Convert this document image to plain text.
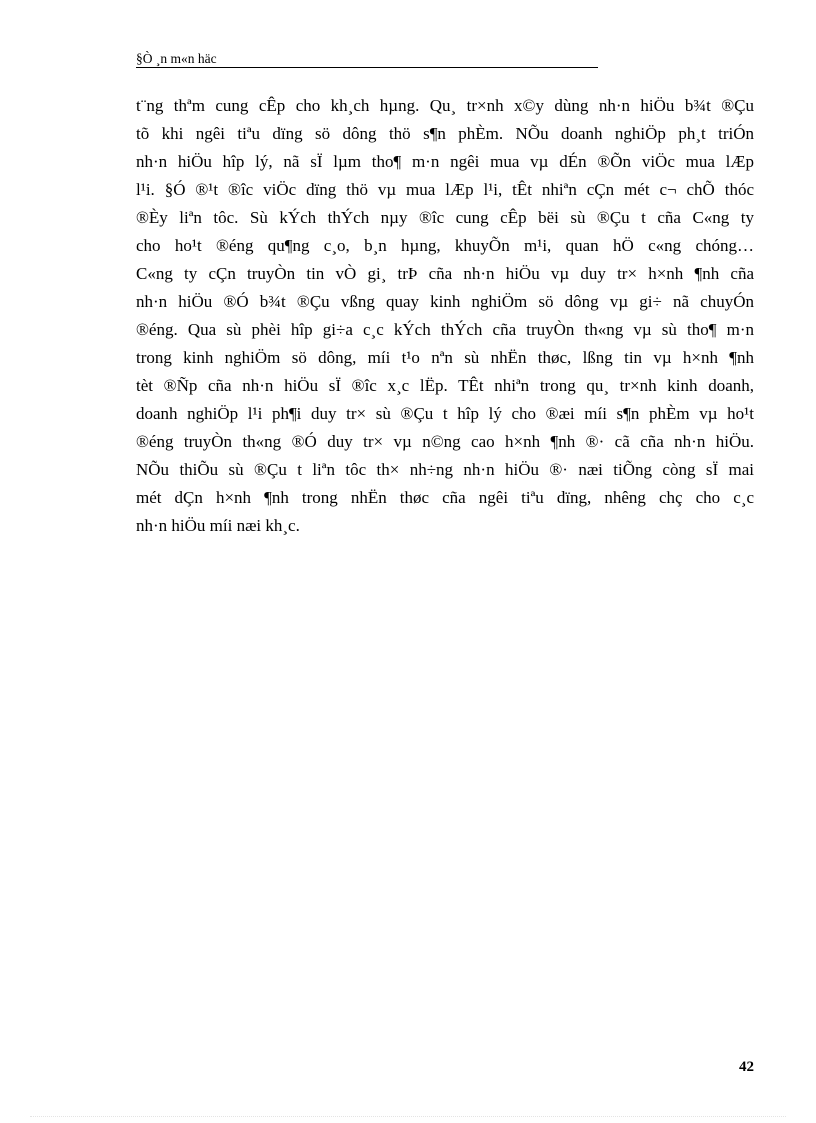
§Ò ¸n m«n häc
t¨ng thªm cung cÊp cho kh¸ch hµng. Qu¸ tr×nh x©y dùng nh·n hiÖu b¾t ®Çu
tõ khi ngêi tiªu dïng sö dông thö s¶n phÈm. NÕu doanh nghiÖp ph¸t triÓn
nh·n hiÖu hîp lý, nã sÏ lµm tho¶ m·n ngêi mua vµ dÉn ®Õn viÖc mua lÆp
l¹i. §Ó ®¹t ®îc viÖc dïng thö vµ mua lÆp l¹i, tÊt nhiªn cÇn mét c¬ chÕ thóc
®Èy liªn tôc. Sù kÝch thÝch nµy ®îc cung cÊp bëi sù ®Çu t cña C«ng ty
cho ho¹t ®éng qu¶ng c¸o, b¸n hµng, khuyÕn m¹i, quan hÖ c«ng chóng…
C«ng ty cÇn truyÒn tin vÒ gi¸ trÞ cña nh·n hiÖu vµ duy tr× h×nh ¶nh cña
nh·n hiÖu ®Ó b¾t ®Çu vßng quay kinh nghiÖm sö dông vµ gi÷ nã chuyÓn
®éng. Qua sù phèi hîp gi÷a c¸c kÝch thÝch cña truyÒn th«ng vµ sù tho¶ m·n
trong kinh nghiÖm sö dông, míi t¹o nªn sù nhËn thøc, lßng tin vµ h×nh ¶nh
tèt ®Ñp cña nh·n hiÖu sÏ ®îc x¸c lËp. TÊt nhiªn trong qu¸ tr×nh kinh doanh,
doanh nghiÖp l¹i ph¶i duy tr× sù ®Çu t hîp lý cho ®æi míi s¶n phÈm vµ ho¹t
®éng truyÒn th«ng ®Ó duy tr× vµ n©ng cao h×nh ¶nh ®· cã cña nh·n hiÖu.
NÕu thiÕu sù ®Çu t liªn tôc th× nh÷ng nh·n hiÖu ®· næi tiÕng còng sÏ mai
mét dÇn h×nh ¶nh trong nhËn thøc cña ngêi tiªu dïng, nhêng chç cho c¸c
nh·n hiÖu míi næi kh¸c.
42
